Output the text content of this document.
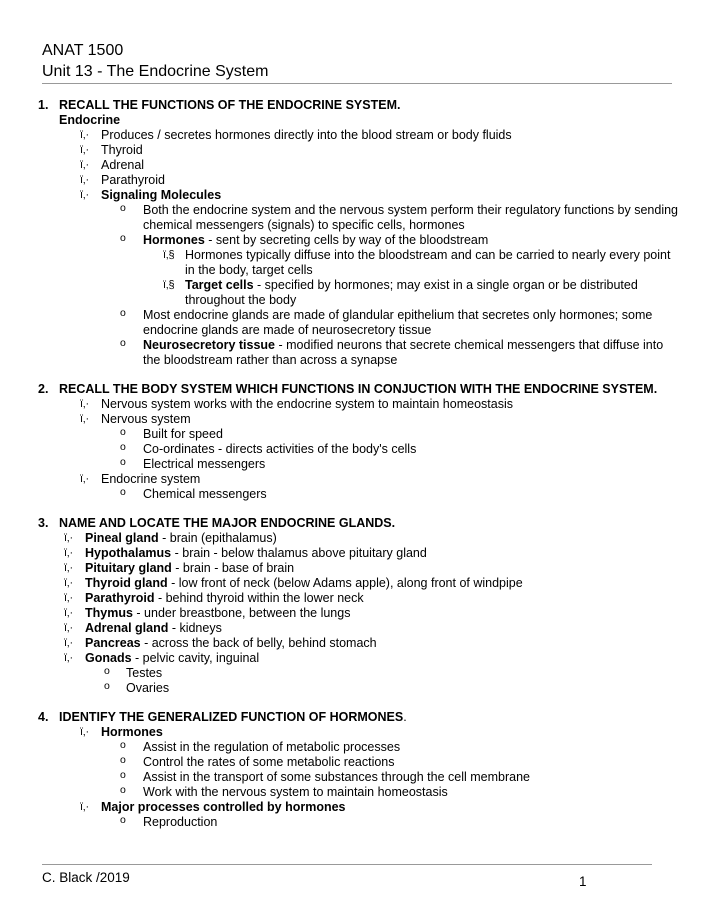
ANAT 1500
Unit 13 - The Endocrine System
1. RECALL THE FUNCTIONS OF THE ENDOCRINE SYSTEM.
Endocrine
ï‚· Produces / secretes hormones directly into the blood stream or body fluids
ï‚· Thyroid
ï‚· Adrenal
ï‚· Parathyroid
ï‚· Signaling Molecules
o Both the endocrine system and the nervous system perform their regulatory functions by sending chemical messengers (signals) to specific cells, hormones
o Hormones - sent by secreting cells by way of the bloodstream
ï‚§ Hormones typically diffuse into the bloodstream and can be carried to nearly every point in the body, target cells
ï‚§ Target cells - specified by hormones; may exist in a single organ or be distributed throughout the body
o Most endocrine glands are made of glandular epithelium that secretes only hormones; some endocrine glands are made of neurosecretory tissue
o Neurosecretory tissue - modified neurons that secrete chemical messengers that diffuse into the bloodstream rather than across a synapse
2. RECALL THE BODY SYSTEM WHICH FUNCTIONS IN CONJUCTION WITH THE ENDOCRINE SYSTEM.
ï‚· Nervous system works with the endocrine system to maintain homeostasis
ï‚· Nervous system
o Built for speed
o Co-ordinates - directs activities of the body's cells
o Electrical messengers
ï‚· Endocrine system
o Chemical messengers
3. NAME AND LOCATE THE MAJOR ENDOCRINE GLANDS.
ï‚· Pineal gland - brain (epithalamus)
ï‚· Hypothalamus - brain - below thalamus above pituitary gland
ï‚· Pituitary gland - brain - base of brain
ï‚· Thyroid gland - low front of neck (below Adams apple), along front of windpipe
ï‚· Parathyroid - behind thyroid within the lower neck
ï‚· Thymus - under breastbone, between the lungs
ï‚· Adrenal gland - kidneys
ï‚· Pancreas - across the back of belly, behind stomach
ï‚· Gonads - pelvic cavity, inguinal
o Testes
o Ovaries
4. IDENTIFY THE GENERALIZED FUNCTION OF HORMONES.
ï‚· Hormones
o Assist in the regulation of metabolic processes
o Control the rates of some metabolic reactions
o Assist in the transport of some substances through the cell membrane
o Work with the nervous system to maintain homeostasis
ï‚· Major processes controlled by hormones
o Reproduction
C. Black /2019	1
